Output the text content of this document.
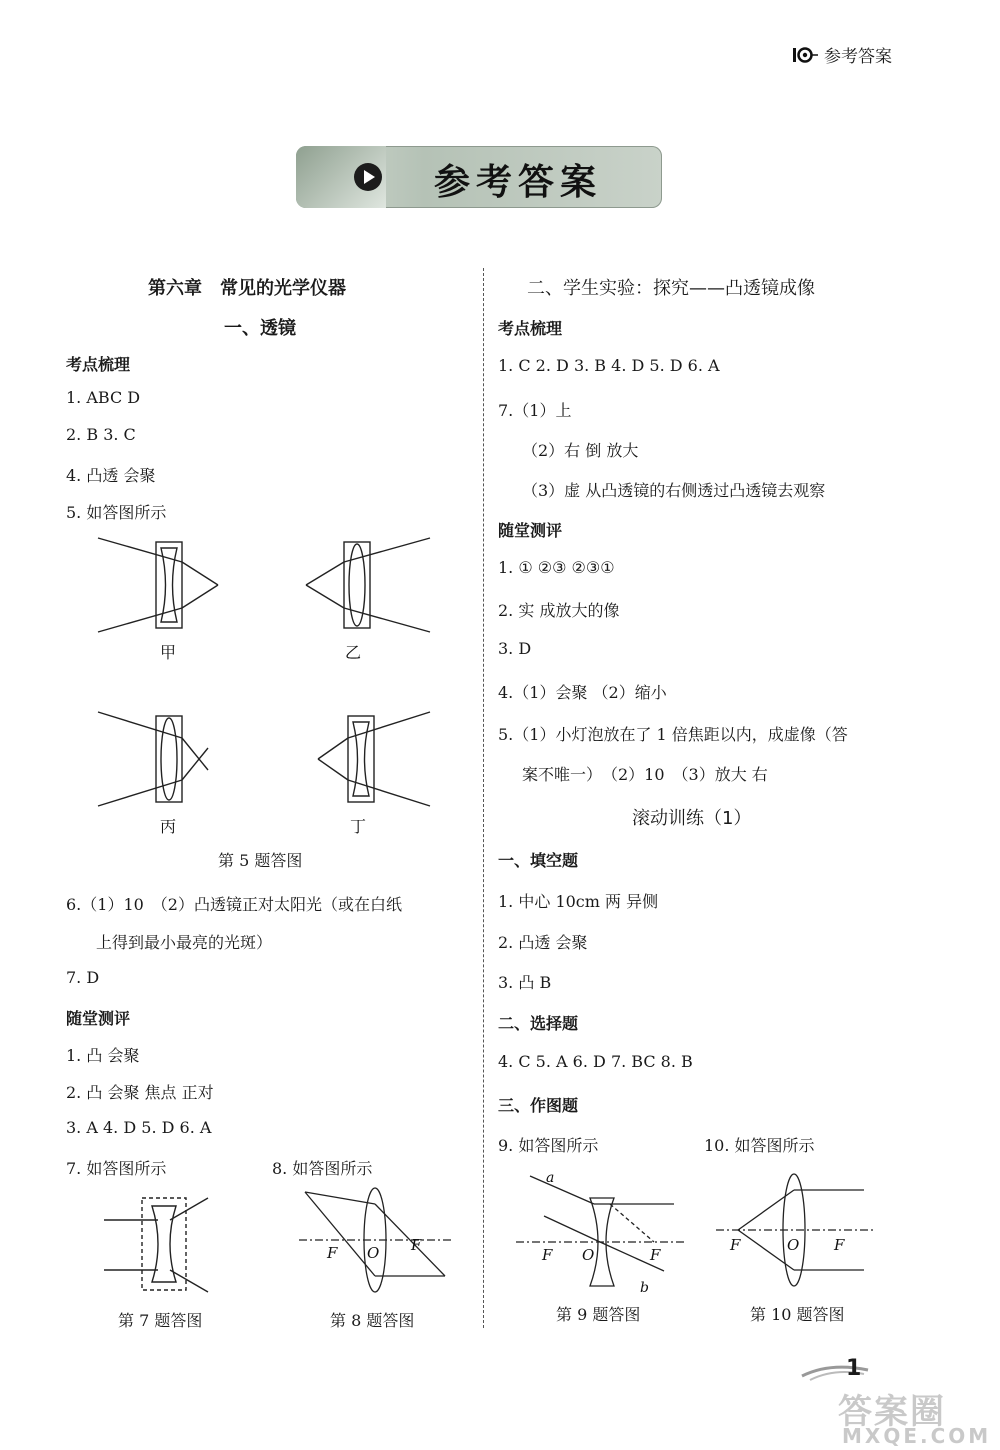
参考答案
参考答案
第六章　常见的光学仪器
一、透镜
考点梳理
1. ABC D
2. B 3. C
4. 凸透 会聚
5. 如答图所示
甲	乙
丙	丁
第 5 题答图
6.（1）10　（2）凸透镜正对太阳光（或在白纸
上得到最小最亮的光斑）
7. D
随堂测评
1. 凸 会聚
2. 凸 会聚 焦点 正对
3. A 4. D 5. D 6. A
7. 如答图所示	8. 如答图所示
第 7 题答图
F O F
第 8 题答图
二、学生实验：探究——凸透镜成像
考点梳理
1. C 2. D 3. B 4. D 5. D 6. A
7.（1）上
（2）右 倒 放大
（3）虚 从凸透镜的右侧透过凸透镜去观察
随堂测评
1. ① ②③ ②③①
2. 实 成放大的像
3. D
4.（1）会聚 （2）缩小
5.（1）小灯泡放在了 1 倍焦距以内，成虚像（答
案不唯一）　（2）10　（3）放大 右
滚动训练（1）
一、填空题
1. 中心 10cm 两 异侧
2. 凸透 会聚
3. 凸 B
二、选择题
4. C 5. A 6. D 7. BC 8. B
三、作图题
9. 如答图所示	10. 如答图所示
a
b
F O	F
第 9 题答图
F	O F
第 10 题答图
1
答案圈
MXQE.COM
